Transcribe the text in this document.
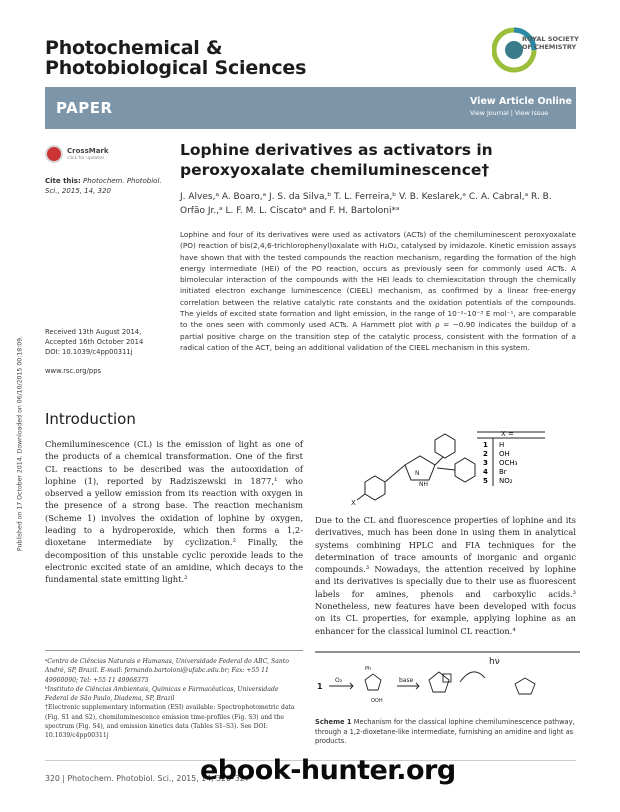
Photochemical &
Photobiological Sciences
ROYAL SOCIETY
OF CHEMISTRY
PAPER	View Article Online
View Journal | View Issue
CrossMark
click for updates
Cite this: Photochem. Photobiol. Sci., 2015, 14, 320
Lophine derivatives as activators in peroxyoxalate chemiluminescence†
J. Alves,ᵃ A. Boaro,ᵃ J. S. da Silva,ᵇ T. L. Ferreira,ᵇ V. B. Keslarek,ᵃ C. A. Cabral,ᵃ R. B. Orfão Jr.,ᵃ L. F. M. L. Ciscatoᵃ and F. H. Bartoloni*ᵃ
Lophine and four of its derivatives were used as activators (ACTs) of the chemiluminescent peroxyoxalate (PO) reaction of bis(2,4,6-trichlorophenyl)oxalate with H₂O₂, catalysed by imidazole. Kinetic emission assays have shown that with the tested compounds the reaction mechanism, regarding the formation of the high energy intermediate (HEI) of the PO reaction, occurs as previously seen for commonly used ACTs. A bimolecular interaction of the compounds with the HEI leads to chemiexcitation through the chemically initiated electron exchange luminescence (CIEEL) mechanism, as confirmed by a linear free-energy correlation between the relative catalytic rate constants and the oxidation potentials of the compounds. The yields of excited state formation and light emission, in the range of 10⁻²–10⁻³ E mol⁻¹, are comparable to the ones seen with commonly used ACTs. A Hammett plot with ρ = −0.90 indicates the buildup of a partial positive charge on the transition step of the catalytic process, consistent with the formation of a radical cation of the ACT, being an additional validation of the CIEEL mechanism in this system.
Received 13th August 2014,
Accepted 16th October 2014
DOI: 10.1039/c4pp00311j
www.rsc.org/pps
Published on 17 October 2014. Downloaded on 06/10/2015 00:18:09. Introduction
Chemiluminescence (CL) is the emission of light as one of the products of a chemical transformation. One of the first CL reactions to be described was the autooxidation of lophine (1), reported by Radziszewski in 1877,¹ who observed a yellow emission from its reaction with oxygen in the presence of a strong base. The reaction mechanism (Scheme 1) involves the oxidation of lophine by oxygen, leading to a hydroperoxide, which then forms a 1,2-dioxetane intermediate by cyclization.² Finally, the decomposition of this unstable cyclic peroxide leads to the electronic excited state of an amidine, which decays to the fundamental state emitting light.²
N
NH
X
X =
1 H
2 OH
3 OCH₃
4 Br
5 NO₂
Due to the CL and fluorescence properties of lophine and its derivatives, much has been done in using them in analytical systems combining HPLC and FIA techniques for the determination of trace amounts of inorganic and organic compounds.³ Nowadays, the attention received by lophine and its derivatives is specially due to their use as fluorescent labels for amines, phenols and carboxylic acids.³ Nonetheless, new features have been developed with focus on its CL properties, for example, applying lophine as an enhancer for the classical luminol CL reaction.⁴
ᵃCentro de Ciências Naturais e Humanas, Universidade Federal do ABC, Santo André, SP, Brazil. E-mail: fernando.bartoloni@ufabc.edu.br; Fax: +55 11 49960090; Tel: +55 11 49968375
ᵇInstituto de Ciências Ambientais, Químicas e Farmacêuticas, Universidade Federal de São Paulo, Diadema, SP, Brazil
†Electronic supplementary information (ESI) available: Spectrophotometric data (Fig. S1 and S2), chemiluminescence emission time-profiles (Fig. S3) and the spectrum (Fig. S4), and emission kinetics data (Tables S1–S3). See DOI: 10.1039/c4pp00311j
1
O₂	base
hν
Ph
OOH
Scheme 1 Mechanism for the classical lophine chemiluminescence pathway, through a 1,2-dioxetane-like intermediate, furnishing an amidine and light as products.
320 | Photochem. Photobiol. Sci., 2015, 14, 320–327
ebook-hunter.org
